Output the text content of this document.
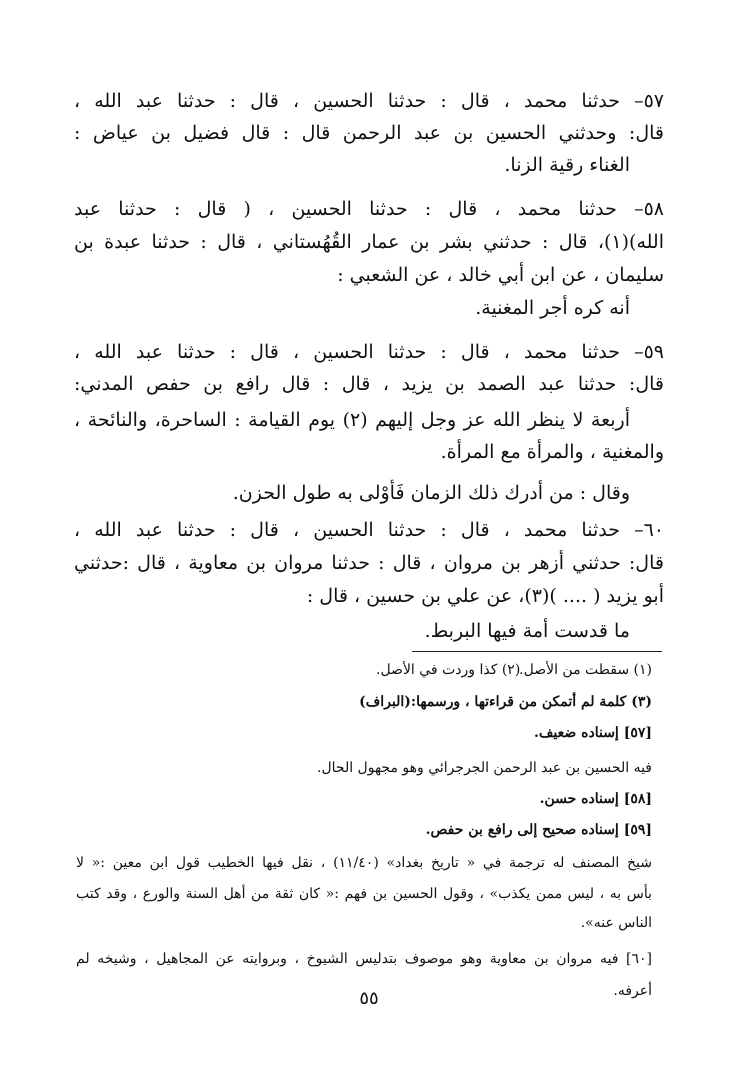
٥٧– حدثنا محمد ، قال : حدثنا الحسين ، قال : حدثنا عبد الله ،
قال: وحدثني الحسين بن عبد الرحمن قال : قال فضيل بن عياض :
الغناء رقية الزنا.
٥٨– حدثنا محمد ، قال : حدثنا الحسين ، ( قال : حدثنا عبد
الله)(١)، قال : حدثني بشر بن عمار القُهُستاني ، قال : حدثنا عبدة بن
سليمان ، عن ابن أبي خالد ، عن الشعبي :
أنه كره أجر المغنية.
٥٩– حدثنا محمد ، قال : حدثنا الحسين ، قال : حدثنا عبد الله ،
قال: حدثنا عبد الصمد بن يزيد ، قال : قال رافع بن حفص المدني:
أربعة لا ينظر الله عز وجل إليهم (٢) يوم القيامة : الساحرة، والنائحة ،
والمغنية ، والمرأة مع المرأة.
وقال : من أدرك ذلك الزمان فَأَوْلى به طول الحزن.
٦٠– حدثنا محمد ، قال : حدثنا الحسين ، قال : حدثنا عبد الله ،
قال: حدثني أزهر بن مروان ، قال : حدثنا مروان بن معاوية ، قال :حدثني
أبو يزيد ( .... )(٣)، عن علي بن حسين ، قال :
ما قدست أمة فيها البربط.
(١) سقطت من الأصل.
(٢) كذا وردت في الأصل.
(٣) كلمة لم أتمكن من قراءتها ، ورسمها:(البراف)
[٥٧] إسناده ضعيف.
فيه الحسين بن عبد الرحمن الجرجرائي وهو مجهول الحال.
[٥٨] إسناده حسن.
[٥٩] إسناده صحيح إلى رافع بن حفص.
شيخ المصنف له ترجمة في « تاريخ بغداد» (١١/٤٠) ، نقل فيها الخطيب قول ابن معين :« لا
بأس به ، ليس ممن يكذب» ، وقول الحسين بن فهم :« كان ثقة من أهل السنة والورع ، وقد كتب
الناس عنه».
[٦٠] فيه مروان بن معاوية وهو موصوف بتدليس الشيوخ ، وبروايته عن المجاهيل ، وشيخه لم
أعرفه.
٥٥
